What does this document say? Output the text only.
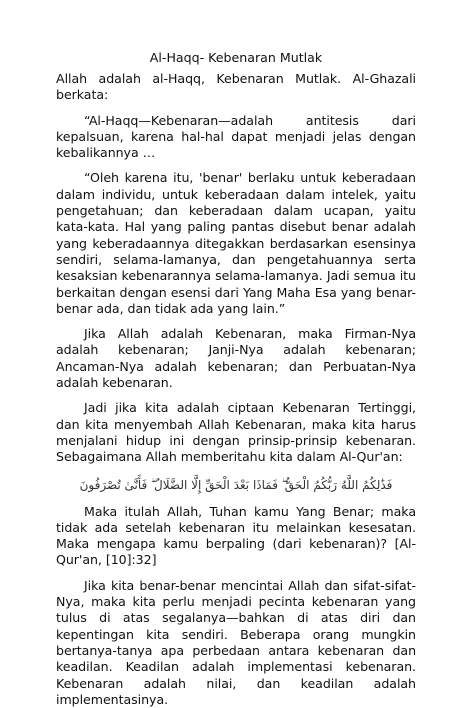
Al-Haqq- Kebenaran Mutlak

Allah adalah al-Haqq, Kebenaran Mutlak. Al-Ghazali berkata:

“Al-Haqq—Kebenaran—adalah antitesis dari kepalsuan, karena hal-hal dapat menjadi jelas dengan kebalikannya …

“Oleh karena itu, 'benar' berlaku untuk keberadaan dalam individu, untuk keberadaan dalam intelek, yaitu pengetahuan; dan keberadaan dalam ucapan, yaitu kata-kata. Hal yang paling pantas disebut benar adalah yang keberadaannya ditegakkan berdasarkan esensinya sendiri, selama-lamanya, dan pengetahuannya serta kesaksian kebenarannya selama-lamanya. Jadi semua itu berkaitan dengan esensi dari Yang Maha Esa yang benar-benar ada, dan tidak ada yang lain.”

Jika Allah adalah Kebenaran, maka Firman-Nya adalah kebenaran; Janji-Nya adalah kebenaran; Ancaman-Nya adalah kebenaran; dan Perbuatan-Nya adalah kebenaran.

Jadi jika kita adalah ciptaan Kebenaran Tertinggi, dan kita menyembah Allah Kebenaran, maka kita harus menjalani hidup ini dengan prinsip-prinsip kebenaran. Sebagaimana Allah memberitahu kita dalam Al-Qur'an:

فَذَٰلِكُمُ اللَّهُ رَبُّكُمُ الْحَقُّ ۖ فَمَاذَا بَعْدَ الْحَقِّ إِلَّا الضَّلَالُ ۖ فَأَنَّىٰ تُصْرَفُونَ

Maka itulah Allah, Tuhan kamu Yang Benar; maka tidak ada setelah kebenaran itu melainkan kesesatan. Maka mengapa kamu berpaling (dari kebenaran)? [Al-Qur'an, [10]:32]

Jika kita benar-benar mencintai Allah dan sifat-sifat-Nya, maka kita perlu menjadi pecinta kebenaran yang tulus di atas segalanya—bahkan di atas diri dan kepentingan kita sendiri. Beberapa orang mungkin bertanya-tanya apa perbedaan antara kebenaran dan keadilan. Keadilan adalah implementasi kebenaran. Kebenaran adalah nilai, dan keadilan adalah implementasinya.
